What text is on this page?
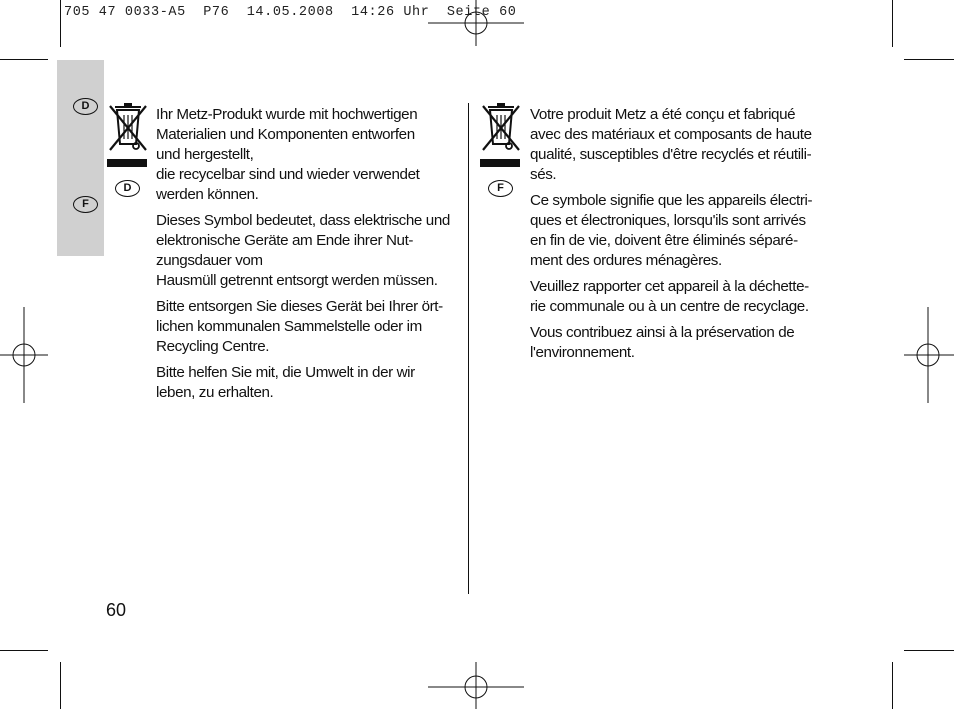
705 47 0033-A5  P76  14.05.2008  14:26 Uhr  Seite 60
D
F
D

Ihr Metz-Produkt wurde mit hochwertigen
Materialien und Komponenten entworfen
und hergestellt,
die recycelbar sind und wieder verwendet
werden können.

Dieses Symbol bedeutet, dass elektrische und
elektronische Geräte am Ende ihrer Nut-
zungsdauer vom
Hausmüll getrennt entsorgt werden müssen.

Bitte entsorgen Sie dieses Gerät bei Ihrer ört-
lichen kommunalen Sammelstelle oder im
Recycling Centre.

Bitte helfen Sie mit, die Umwelt in der wir
leben, zu erhalten.

F

Votre produit Metz a été conçu et fabriqué
avec des matériaux et composants de haute
qualité, susceptibles d'être recyclés et réutili-
sés.

Ce symbole signifie que les appareils électri-
ques et électroniques, lorsqu'ils sont arrivés
en fin de vie, doivent être éliminés séparé-
ment des ordures ménagères.

Veuillez rapporter cet appareil à la déchette-
rie communale ou à un centre de recyclage.

Vous contribuez ainsi à la préservation de
l'environnement.

60
